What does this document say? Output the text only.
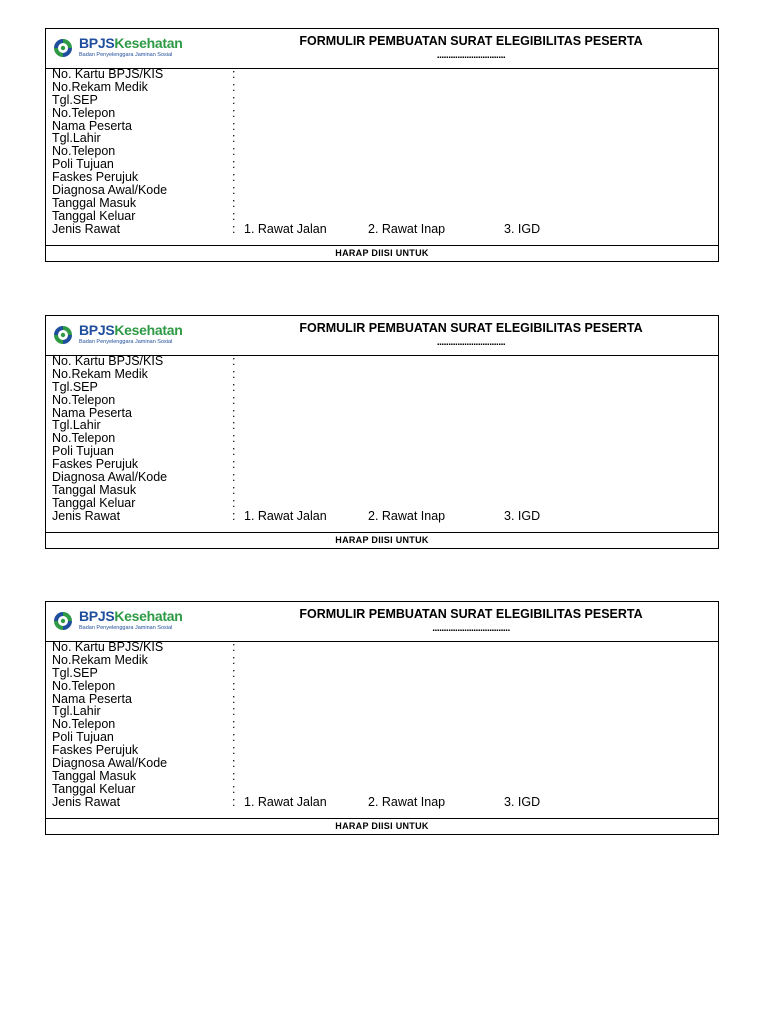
BPJSKesehatan
Badan Penyelenggara Jaminan Sosial
FORMULIR PEMBUATAN SURAT ELEGIBILITAS PESERTA
..............................
No. Kartu BPJS/KIS	:
No.Rekam Medik	:
Tgl.SEP	:
No.Telepon	:
Nama Peserta	:
Tgl.Lahir	:
No.Telepon	:
Poli Tujuan	:
Faskes Perujuk	:
Diagnosa Awal/Kode	:
Tanggal Masuk	:
Tanggal Keluar	:
Jenis Rawat	: 1. Rawat Jalan	2. Rawat Inap	3. IGD
HARAP DIISI UNTUK
BPJSKesehatan
Badan Penyelenggara Jaminan Sosial
FORMULIR PEMBUATAN SURAT ELEGIBILITAS PESERTA
..............................
No. Kartu BPJS/KIS	:
No.Rekam Medik	:
Tgl.SEP	:
No.Telepon	:
Nama Peserta	:
Tgl.Lahir	:
No.Telepon	:
Poli Tujuan	:
Faskes Perujuk	:
Diagnosa Awal/Kode	:
Tanggal Masuk	:
Tanggal Keluar	:
Jenis Rawat	: 1. Rawat Jalan	2. Rawat Inap	3. IGD
HARAP DIISI UNTUK
BPJSKesehatan
Badan Penyelenggara Jaminan Sosial
FORMULIR PEMBUATAN SURAT ELEGIBILITAS PESERTA
..................................
No. Kartu BPJS/KIS	:
No.Rekam Medik	:
Tgl.SEP	:
No.Telepon	:
Nama Peserta	:
Tgl.Lahir	:
No.Telepon	:
Poli Tujuan	:
Faskes Perujuk	:
Diagnosa Awal/Kode	:
Tanggal Masuk	:
Tanggal Keluar	:
Jenis Rawat	: 1. Rawat Jalan	2. Rawat Inap	3. IGD
HARAP DIISI UNTUK
